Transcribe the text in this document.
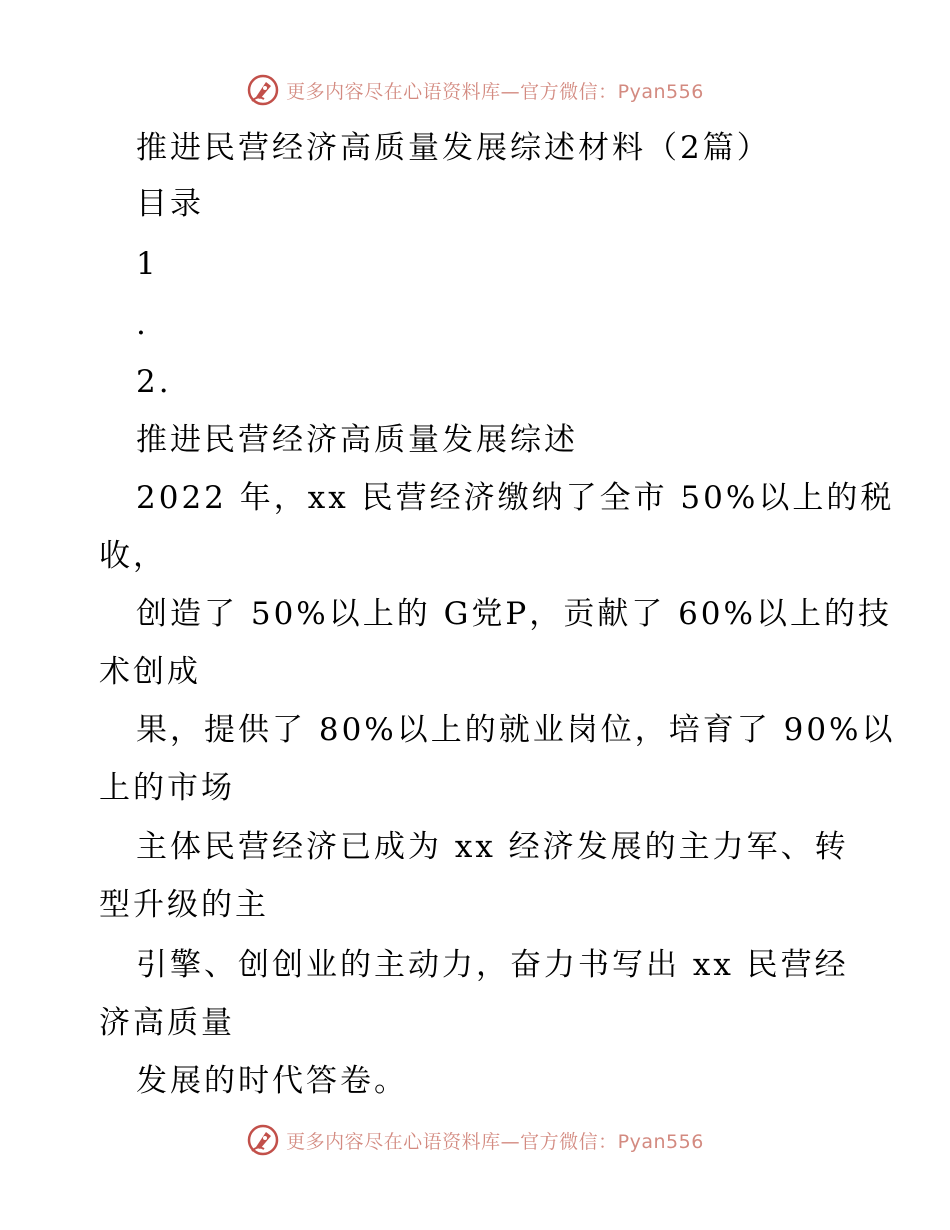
更多内容尽在心语资料库—官方微信：Pyan556
推进民营经济高质量发展综述材料（2篇）
目录
1
.
2.
推进民营经济高质量发展综述
2022 年，xx 民营经济缴纳了全市 50%以上的税
收，
创造了 50%以上的 G党P，贡献了 60%以上的技
术创成
果，提供了 80%以上的就业岗位，培育了 90%以
上的市场
主体民营经济已成为 xx 经济发展的主力军、转
型升级的主
引擎、创创业的主动力，奋力书写出 xx 民营经
济高质量
发展的时代答卷。
更多内容尽在心语资料库—官方微信：Pyan556
